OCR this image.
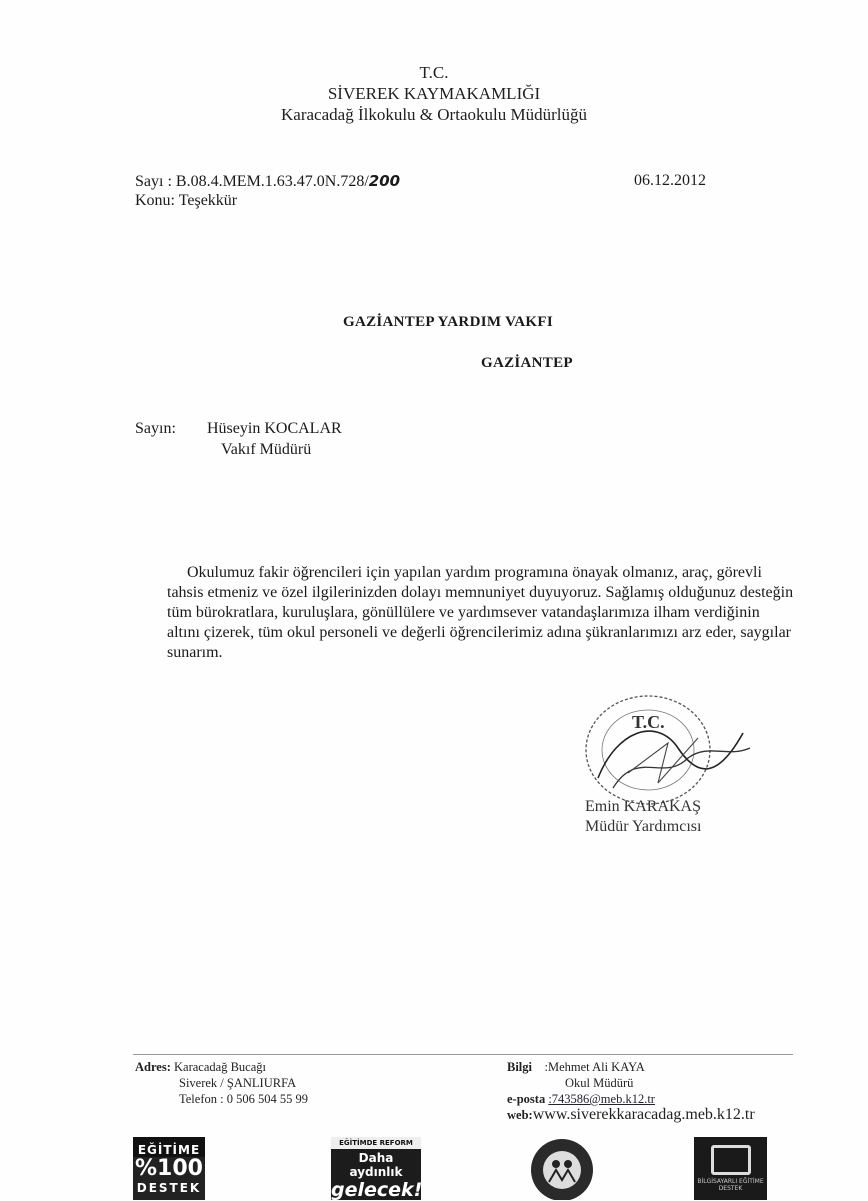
T.C.
SİVEREK KAYMAKAMLIĞI
Karacadağ İlkokulu & Ortaokulu Müdürlüğü
Sayı : B.08.4.MEM.1.63.47.0N.728/200
Konu: Teşekkür
06.12.2012
GAZİANTEP YARDIM VAKFI
GAZİANTEP
Sayın: Hüseyin KOCALAR
Vakıf Müdürü

Okulumuz fakir öğrencileri için yapılan yardım programına önayak olmanız, araç, görevli tahsis etmeniz ve özel ilgilerinizden dolayı memnuniyet duyuyoruz. Sağlamış olduğunuz desteğin tüm bürokratlara, kuruluşlara, gönüllülere ve yardımsever vatandaşlarımıza ilham verdiğinin altını çizerek, tüm okul personeli ve değerli öğrencilerimiz adına şükranlarımızı arz eder, saygılar sunarım.

T.C.
Emin KARAKAŞ
Müdür Yardımcısı
Adres: Karacadağ Bucağı
Siverek / ŞANLIURFA
Telefon : 0 506 504 55 99
Bilgi :Mehmet Ali KAYA
Okul Müdürü
e-posta :743586@meb.k12.tr
web:www.siverekkaracadag.meb.k12.tr
EĞİTİME
%100
DESTEK
EĞİTİMDE REFORM
Daha aydınlık
gelecek!	BİLGİSAYARLI EĞİTİME DESTEK
